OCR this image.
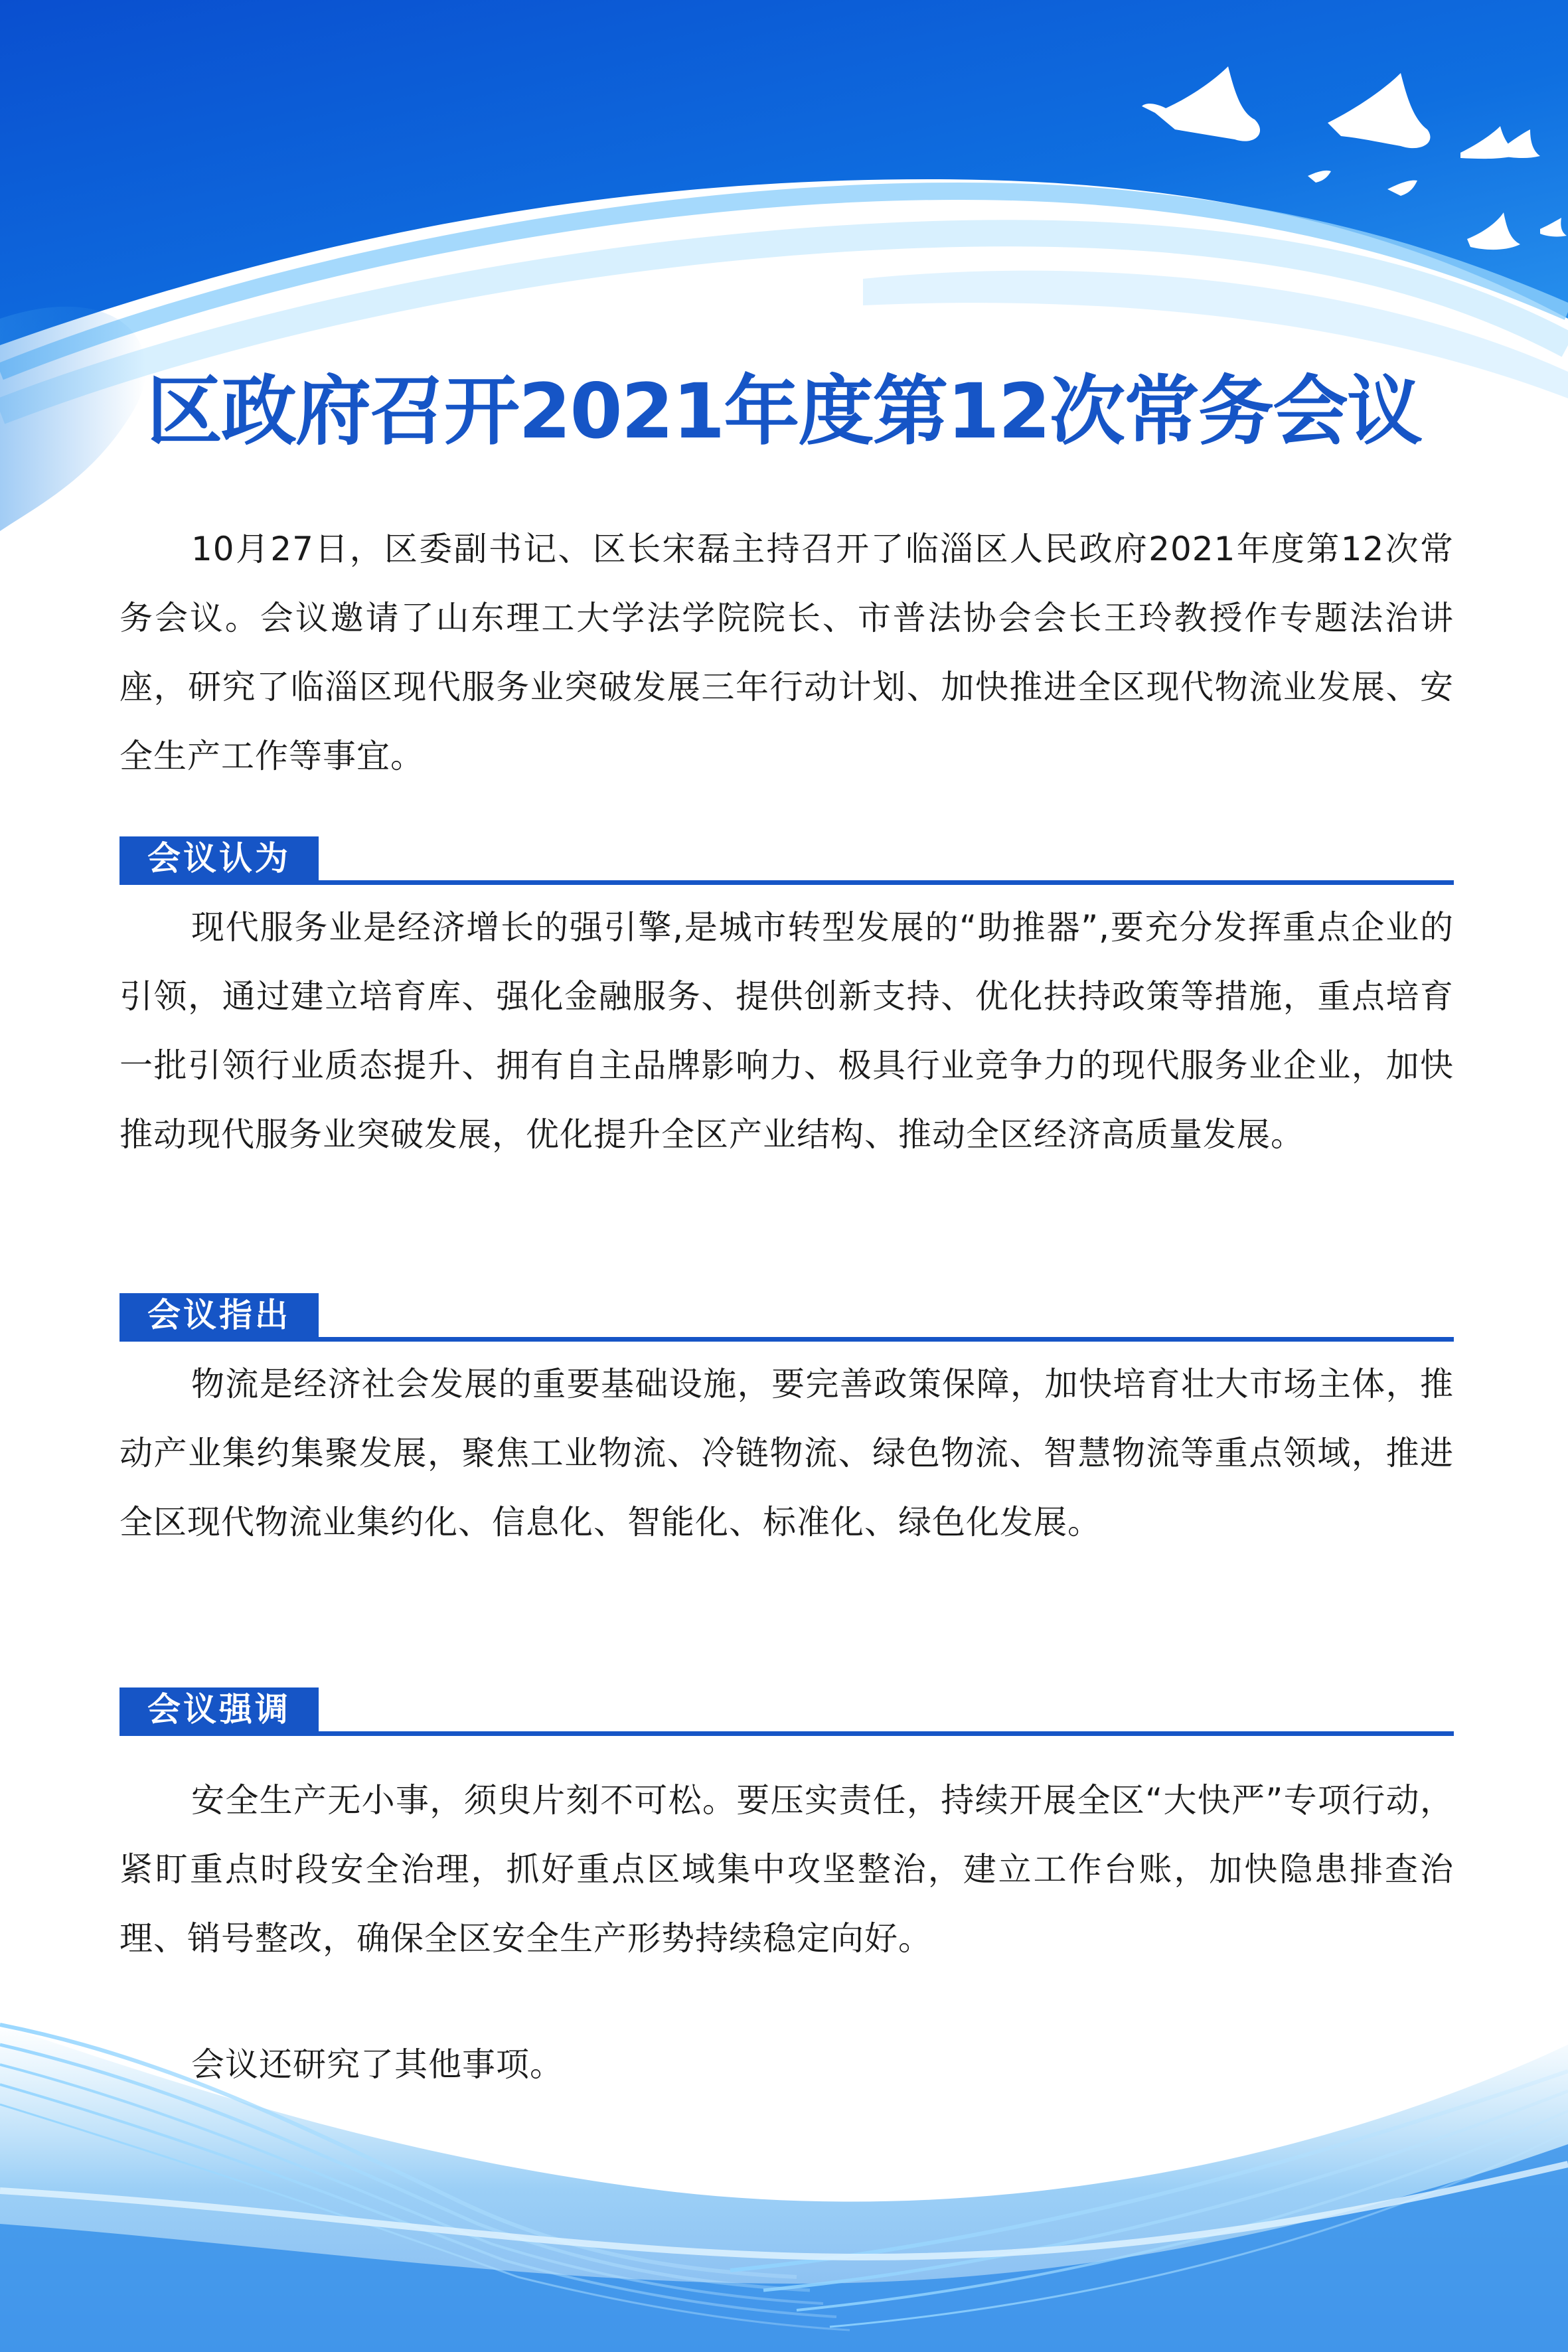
区政府召开2021年度第12次常务会议

10月27日，区委副书记、区长宋磊主持召开了临淄区人民政府2021年度第12次常务会议。会议邀请了山东理工大学法学院院长、市普法协会会长王玲教授作专题法治讲座，研究了临淄区现代服务业突破发展三年行动计划、加快推进全区现代物流业发展、安全生产工作等事宜。

会议认为

现代服务业是经济增长的强引擎,是城市转型发展的“助推器”,要充分发挥重点企业的引领，通过建立培育库、强化金融服务、提供创新支持、优化扶持政策等措施，重点培育一批引领行业质态提升、拥有自主品牌影响力、极具行业竞争力的现代服务业企业，加快推动现代服务业突破发展，优化提升全区产业结构、推动全区经济高质量发展。

会议指出

物流是经济社会发展的重要基础设施，要完善政策保障，加快培育壮大市场主体，推动产业集约集聚发展，聚焦工业物流、冷链物流、绿色物流、智慧物流等重点领域，推进全区现代物流业集约化、信息化、智能化、标准化、绿色化发展。

会议强调

安全生产无小事，须臾片刻不可松。要压实责任，持续开展全区“大快严”专项行动，紧盯重点时段安全治理，抓好重点区域集中攻坚整治，建立工作台账，加快隐患排查治理、销号整改，确保全区安全生产形势持续稳定向好。

会议还研究了其他事项。
